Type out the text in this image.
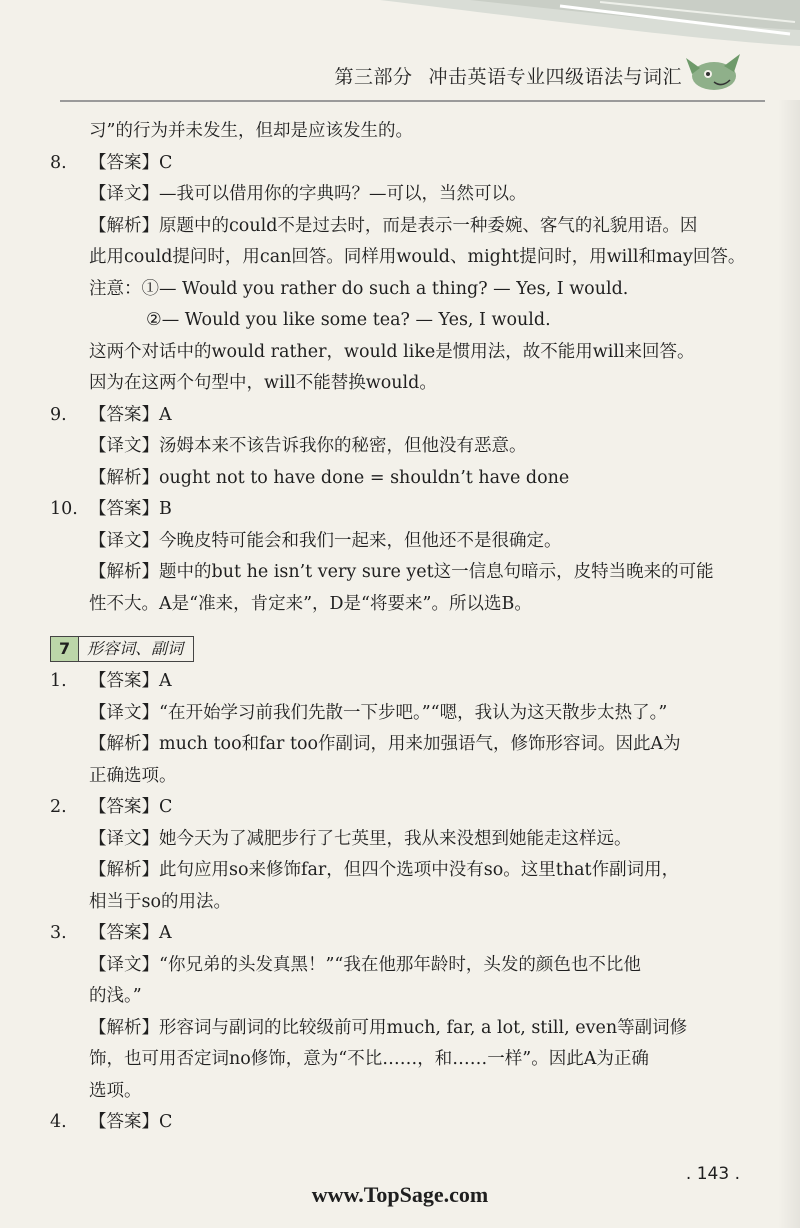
第三部分 冲击英语专业四级语法与词汇
习”的行为并未发生，但却是应该发生的。
8. 【答案】C
【译文】—我可以借用你的字典吗？—可以，当然可以。
【解析】原题中的could不是过去时，而是表示一种委婉、客气的礼貌用语。因
此用could提问时，用can回答。同样用would、might提问时，用will和may回答。
注意：①— Would you rather do such a thing? — Yes, I would.
②— Would you like some tea? — Yes, I would.
这两个对话中的would rather，would like是惯用法，故不能用will来回答。
因为在这两个句型中，will不能替换would。
9. 【答案】A
【译文】汤姆本来不该告诉我你的秘密，但他没有恶意。
【解析】ought not to have done = shouldn’t have done
10. 【答案】B
【译文】今晚皮特可能会和我们一起来，但他还不是很确定。
【解析】题中的but he isn’t very sure yet这一信息句暗示，皮特当晚来的可能
性不大。A是“准来，肯定来”，D是“将要来”。所以选B。
7 形容词、副词
1. 【答案】A
【译文】“在开始学习前我们先散一下步吧。”“嗯，我认为这天散步太热了。”
【解析】much too和far too作副词，用来加强语气，修饰形容词。因此A为
正确选项。
2. 【答案】C
【译文】她今天为了减肥步行了七英里，我从来没想到她能走这样远。
【解析】此句应用so来修饰far，但四个选项中没有so。这里that作副词用，
相当于so的用法。
3. 【答案】A
【译文】“你兄弟的头发真黑！”“我在他那年龄时，头发的颜色也不比他
的浅。”
【解析】形容词与副词的比较级前可用much, far, a lot, still, even等副词修
饰，也可用否定词no修饰，意为“不比……，和……一样”。因此A为正确
选项。
4. 【答案】C
. 143 .
www.TopSage.com
